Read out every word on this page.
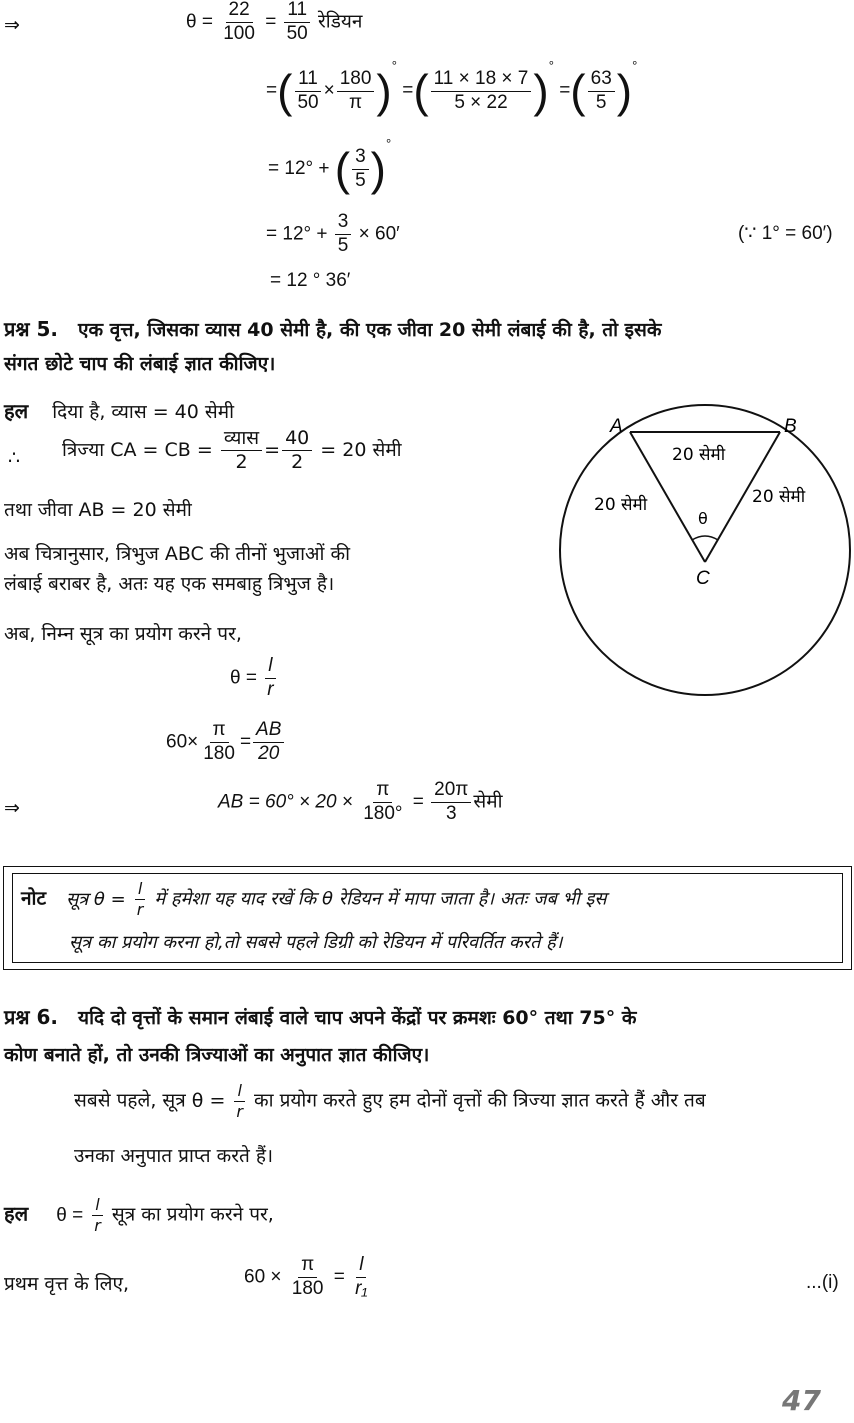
⇒	$\theta = \frac{22}{100} = \frac{11}{50}$ रेडियन
=( $\frac{11}{50} \times \frac{180}{\pi} )^\circ$ =( $\frac{11 \times 18 \times 7}{5 \times 22} )^\circ$ =( $\frac{63}{5} )^\circ$
= 12° + ( $\frac{3}{5} )^\circ$
= $12^\circ + \frac{3}{5} \times 60'$	(∵ 1° = 60′)
= 12 ° 36′
प्रश्न 5. एक वृत्त, जिसका व्यास 40 सेमी है, की एक जीवा 20 सेमी लंबा‌ई की है, तो इसके
संगत छोटे चाप की लंबाई ज्ञात कीजिए।
हल दिया है, व्यास = 40 सेमी
∴ त्रिज्या CA = CB = $\frac{\text{व्यास}}{2} = \frac{40}{2} = 20$ सेमी
तथा जीवा AB = 20 सेमी
अब चित्रानुसार, त्रिभुज ABC की तीनों भुजाओं की
लंबाई बराबर है, अतः यह एक समबाहु त्रिभुज है।
अब, निम्न सूत्र का प्रयोग करने पर,
$\theta = \frac{l}{r}$
$60\times \frac{\pi}{180} = \frac{AB}{20}$
⇒	AB = $60^\circ \times 20 \times \frac{\pi}{180^\circ} = \frac{20\pi}{3}$ सेमी
A	B
C
20 सेमी
20 सेमी	20 सेमी
θ
नोट सूत्र $\theta = \frac{l}{r}$ में हमेशा यह याद रखें कि θ रेडियन में मापा जाता है। अतः जब भी इस
सूत्र का प्रयोग करना हो,तो सबसे पहले डिग्री को रेडियन में परिवर्तित करते हैं।
प्रश्न 6. यदि दो वृत्तों के समान लंबाई वाले चाप अपने केंद्रों पर क्रमशः 60° तथा 75° के
कोण बनाते हों, तो उनकी त्रिज्याओं का अनुपात ज्ञात कीजिए।
सबसे पहले, सूत्र $\theta = \frac{l}{r}$ का प्रयोग करते हुए हम दोनों वृत्तों की त्रिज्या ज्ञात करते हैं और तब
उनका अनुपात प्राप्त करते हैं।
हल $\theta = \frac{l}{r}$ सूत्र का प्रयोग करने पर,
प्रथम वृत्त के लिए,	$60 \times \frac{\pi}{180} = \frac{l}{\text{r₁}}$	...(i)
47
